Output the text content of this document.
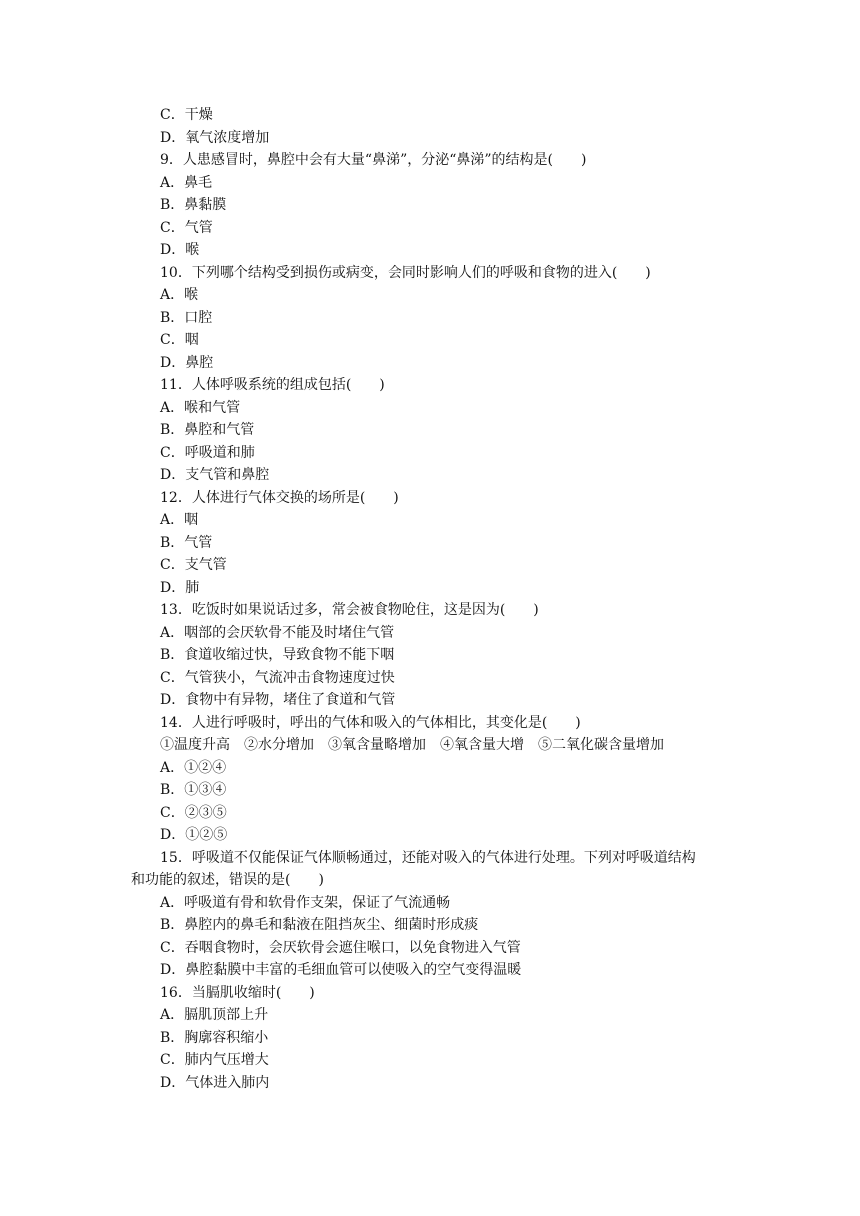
C．干燥
D．氧气浓度增加
9．人患感冒时，鼻腔中会有大量“鼻涕”，分泌“鼻涕”的结构是(　　)
A．鼻毛
B．鼻黏膜
C．气管
D．喉
10．下列哪个结构受到损伤或病变，会同时影响人们的呼吸和食物的进入(　　)
A．喉
B．口腔
C．咽
D．鼻腔
11．人体呼吸系统的组成包括(　　)
A．喉和气管
B．鼻腔和气管
C．呼吸道和肺
D．支气管和鼻腔
12．人体进行气体交换的场所是(　　)
A．咽
B．气管
C．支气管
D．肺
13．吃饭时如果说话过多，常会被食物呛住，这是因为(　　)
A．咽部的会厌软骨不能及时堵住气管
B．食道收缩过快，导致食物不能下咽
C．气管狭小，气流冲击食物速度过快
D．食物中有异物，堵住了食道和气管
14．人进行呼吸时，呼出的气体和吸入的气体相比，其变化是(　　)
①温度升高　②水分增加　③氧含量略增加　④氧含量大增　⑤二氧化碳含量增加
A．①②④
B．①③④
C．②③⑤
D．①②⑤
15．呼吸道不仅能保证气体顺畅通过，还能对吸入的气体进行处理。下列对呼吸道结构
和功能的叙述，错误的是(　　)
A．呼吸道有骨和软骨作支架，保证了气流通畅
B．鼻腔内的鼻毛和黏液在阻挡灰尘、细菌时形成痰
C．吞咽食物时，会厌软骨会遮住喉口，以免食物进入气管
D．鼻腔黏膜中丰富的毛细血管可以使吸入的空气变得温暖
16．当膈肌收缩时(　　)
A．膈肌顶部上升
B．胸廓容积缩小
C．肺内气压增大
D．气体进入肺内
